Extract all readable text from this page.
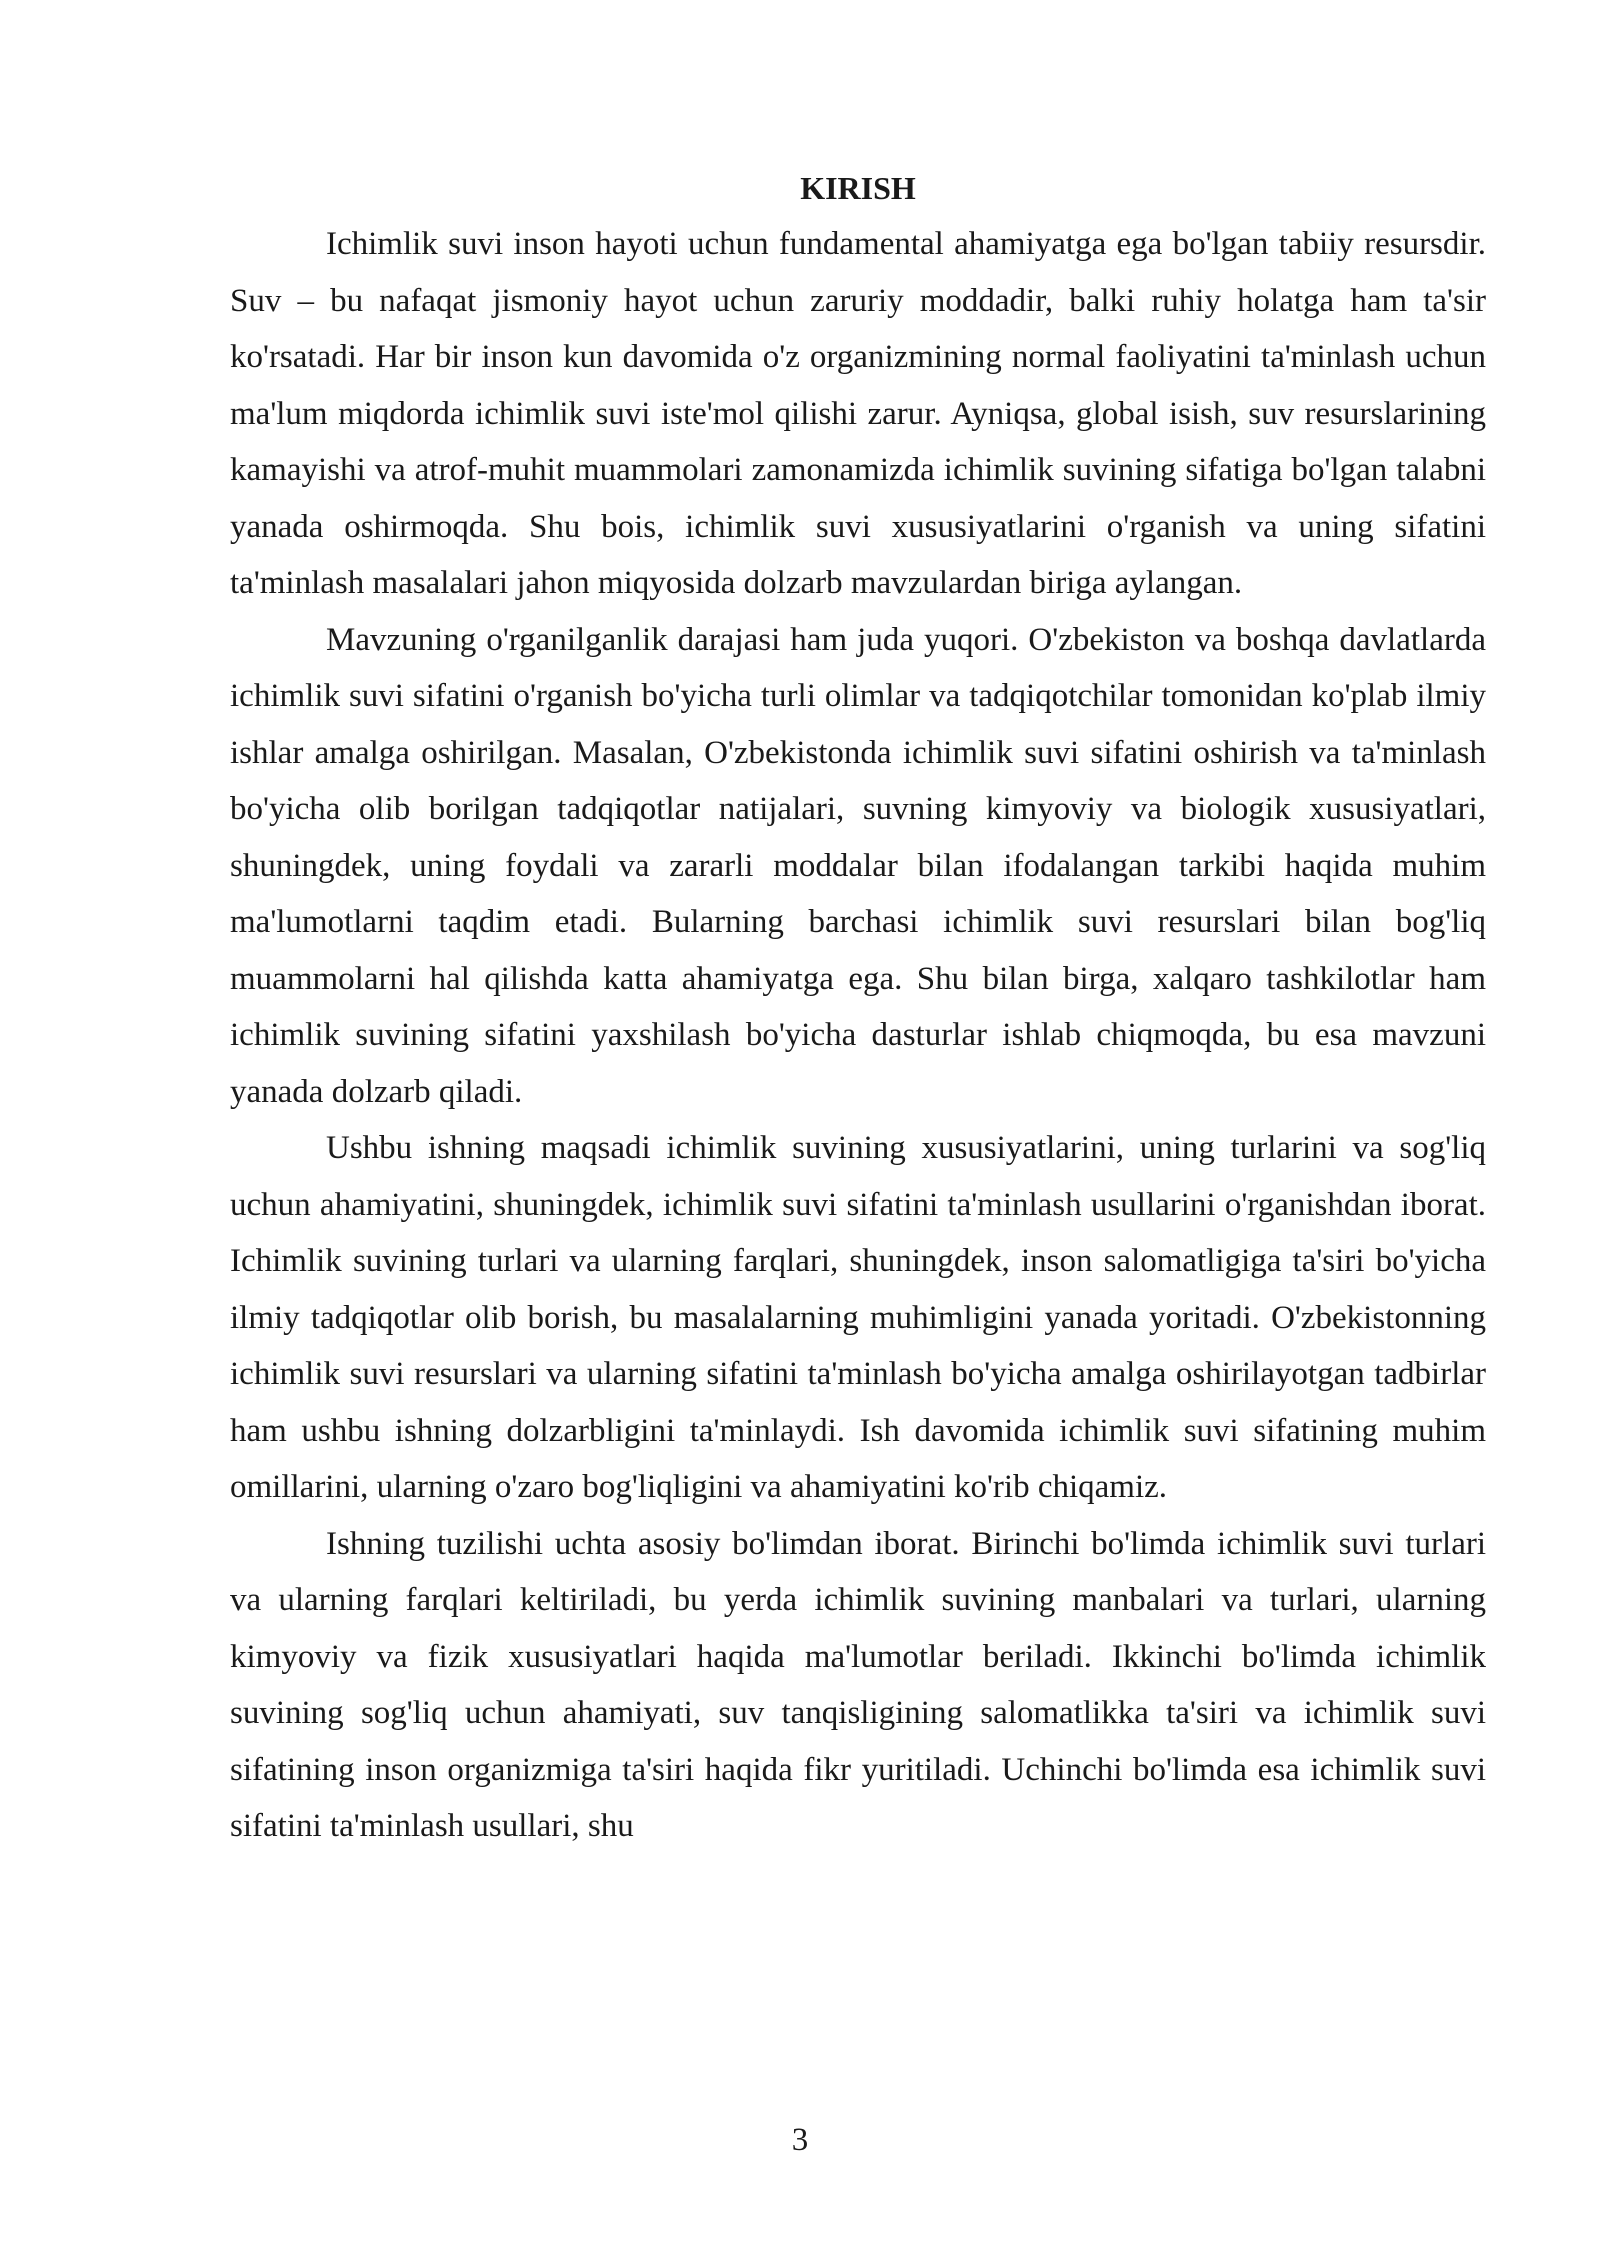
KIRISH

Ichimlik suvi inson hayoti uchun fundamental ahamiyatga ega bo'lgan tabiiy resursdir. Suv – bu nafaqat jismoniy hayot uchun zaruriy moddadir, balki ruhiy holatga ham ta'sir ko'rsatadi. Har bir inson kun davomida o'z organizmining normal faoliyatini ta'minlash uchun ma'lum miqdorda ichimlik suvi iste'mol qilishi zarur. Ayniqsa, global isish, suv resurslarining kamayishi va atrof-muhit muammolari zamonamizda ichimlik suvining sifatiga bo'lgan talabni yanada oshirmoqda. Shu bois, ichimlik suvi xususiyatlarini o'rganish va uning sifatini ta'minlash masalalari jahon miqyosida dolzarb mavzulardan biriga aylangan.

Mavzuning o'rganilganlik darajasi ham juda yuqori. O'zbekiston va boshqa davlatlarda ichimlik suvi sifatini o'rganish bo'yicha turli olimlar va tadqiqotchilar tomonidan ko'plab ilmiy ishlar amalga oshirilgan. Masalan, O'zbekistonda ichimlik suvi sifatini oshirish va ta'minlash bo'yicha olib borilgan tadqiqotlar natijalari, suvning kimyoviy va biologik xususiyatlari, shuningdek, uning foydali va zararli moddalar bilan ifodalangan tarkibi haqida muhim ma'lumotlarni taqdim etadi. Bularning barchasi ichimlik suvi resurslari bilan bog'liq muammolarni hal qilishda katta ahamiyatga ega. Shu bilan birga, xalqaro tashkilotlar ham ichimlik suvining sifatini yaxshilash bo'yicha dasturlar ishlab chiqmoqda, bu esa mavzuni yanada dolzarb qiladi.

Ushbu ishning maqsadi ichimlik suvining xususiyatlarini, uning turlarini va sog'liq uchun ahamiyatini, shuningdek, ichimlik suvi sifatini ta'minlash usullarini o'rganishdan iborat. Ichimlik suvining turlari va ularning farqlari, shuningdek, inson salomatligiga ta'siri bo'yicha ilmiy tadqiqotlar olib borish, bu masalalarning muhimligini yanada yoritadi. O'zbekistonning ichimlik suvi resurslari va ularning sifatini ta'minlash bo'yicha amalga oshirilayotgan tadbirlar ham ushbu ishning dolzarbligini ta'minlaydi. Ish davomida ichimlik suvi sifatining muhim omillarini, ularning o'zaro bog'liqligini va ahamiyatini ko'rib chiqamiz.

Ishning tuzilishi uchta asosiy bo'limdan iborat. Birinchi bo'limda ichimlik suvi turlari va ularning farqlari keltiriladi, bu yerda ichimlik suvining manbalari va turlari, ularning kimyoviy va fizik xususiyatlari haqida ma'lumotlar beriladi. Ikkinchi bo'limda ichimlik suvining sog'liq uchun ahamiyati, suv tanqisligining salomatlikka ta'siri va ichimlik suvi sifatining inson organizmiga ta'siri haqida fikr yuritiladi. Uchinchi bo'limda esa ichimlik suvi sifatini ta'minlash usullari, shu

3
